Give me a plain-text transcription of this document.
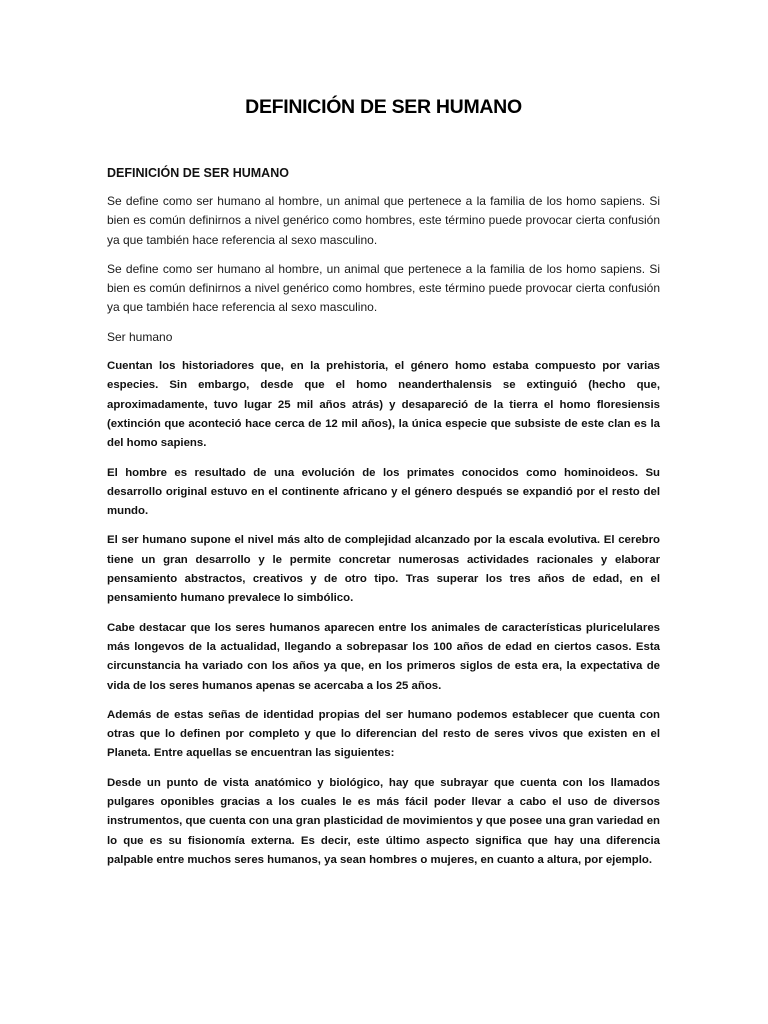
DEFINICIÓN DE SER HUMANO
DEFINICIÓN DE SER HUMANO

Se define como ser humano al hombre, un animal que pertenece a la familia de los homo sapiens. Si bien es común definirnos a nivel genérico como hombres, este término puede provocar cierta confusión ya que también hace referencia al sexo masculino.

Se define como ser humano al hombre, un animal que pertenece a la familia de los homo sapiens. Si bien es común definirnos a nivel genérico como hombres, este término puede provocar cierta confusión ya que también hace referencia al sexo masculino.

Ser humano

Cuentan los historiadores que, en la prehistoria, el género homo estaba compuesto por varias especies. Sin embargo, desde que el homo neanderthalensis se extinguió (hecho que, aproximadamente, tuvo lugar 25 mil años atrás) y desapareció de la tierra el homo floresiensis (extinción que aconteció hace cerca de 12 mil años), la única especie que subsiste de este clan es la del homo sapiens.

El hombre es resultado de una evolución de los primates conocidos como hominoideos. Su desarrollo original estuvo en el continente africano y el género después se expandió por el resto del mundo.

El ser humano supone el nivel más alto de complejidad alcanzado por la escala evolutiva. El cerebro tiene un gran desarrollo y le permite concretar numerosas actividades racionales y elaborar pensamiento abstractos, creativos y de otro tipo. Tras superar los tres años de edad, en el pensamiento humano prevalece lo simbólico.

Cabe destacar que los seres humanos aparecen entre los animales de características pluricelulares más longevos de la actualidad, llegando a sobrepasar los 100 años de edad en ciertos casos. Esta circunstancia ha variado con los años ya que, en los primeros siglos de esta era, la expectativa de vida de los seres humanos apenas se acercaba a los 25 años.

Además de estas señas de identidad propias del ser humano podemos establecer que cuenta con otras que lo definen por completo y que lo diferencian del resto de seres vivos que existen en el Planeta. Entre aquellas se encuentran las siguientes:

Desde un punto de vista anatómico y biológico, hay que subrayar que cuenta con los llamados pulgares oponibles gracias a los cuales le es más fácil poder llevar a cabo el uso de diversos instrumentos, que cuenta con una gran plasticidad de movimientos y que posee una gran variedad en lo que es su fisionomía externa. Es decir, este último aspecto significa que hay una diferencia palpable entre muchos seres humanos, ya sean hombres o mujeres, en cuanto a altura, por ejemplo.
